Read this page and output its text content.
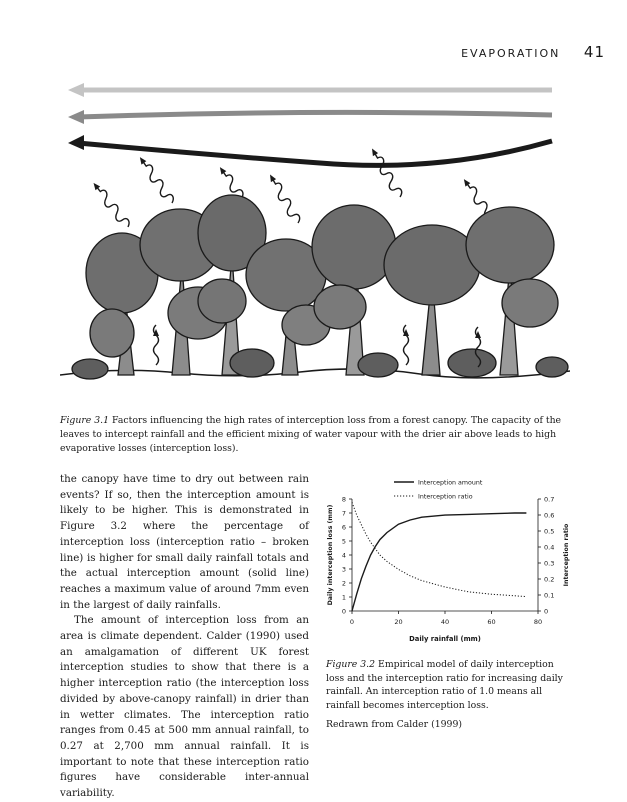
EVAPORATION 41
Figure 3.1 Factors influencing the high rates of interception loss from a forest canopy. The capacity of the leaves to intercept rainfall and the efficient mixing of water vapour with the drier air above leads to high evaporative losses (interception loss).

the canopy have time to dry out between rain events? If so, then the interception amount is likely to be higher. This is demonstrated in Figure 3.2 where the percentage of interception loss (interception ratio – broken line) is higher for small daily rainfall totals and the actual interception amount (solid line) reaches a maximum value of around 7mm even in the largest of daily rainfalls.

The amount of interception loss from an area is climate dependent. Calder (1990) used an amalgamation of different UK forest interception studies to show that there is a higher interception ratio (the interception loss divided by above-canopy rainfall) in drier than in wetter climates. The interception ratio ranges from 0.45 at 500 mm annual rainfall, to 0.27 at 2,700 mm annual rainfall. It is important to note that these interception ratio figures have considerable inter-annual variability.

0
1
2
3
4
5
6
7
8
0
0.1
0.2
0.3
0.4
0.5
0.6
0.7
0	20	40	60	80
Daily rainfall (mm)
Daily interception loss (mm)	Interception ratio
Interception amount
Interception ratio

Figure 3.2 Empirical model of daily interception loss and the interception ratio for increasing daily rainfall. An interception ratio of 1.0 means all rainfall becomes interception loss.

Redrawn from Calder (1999)
